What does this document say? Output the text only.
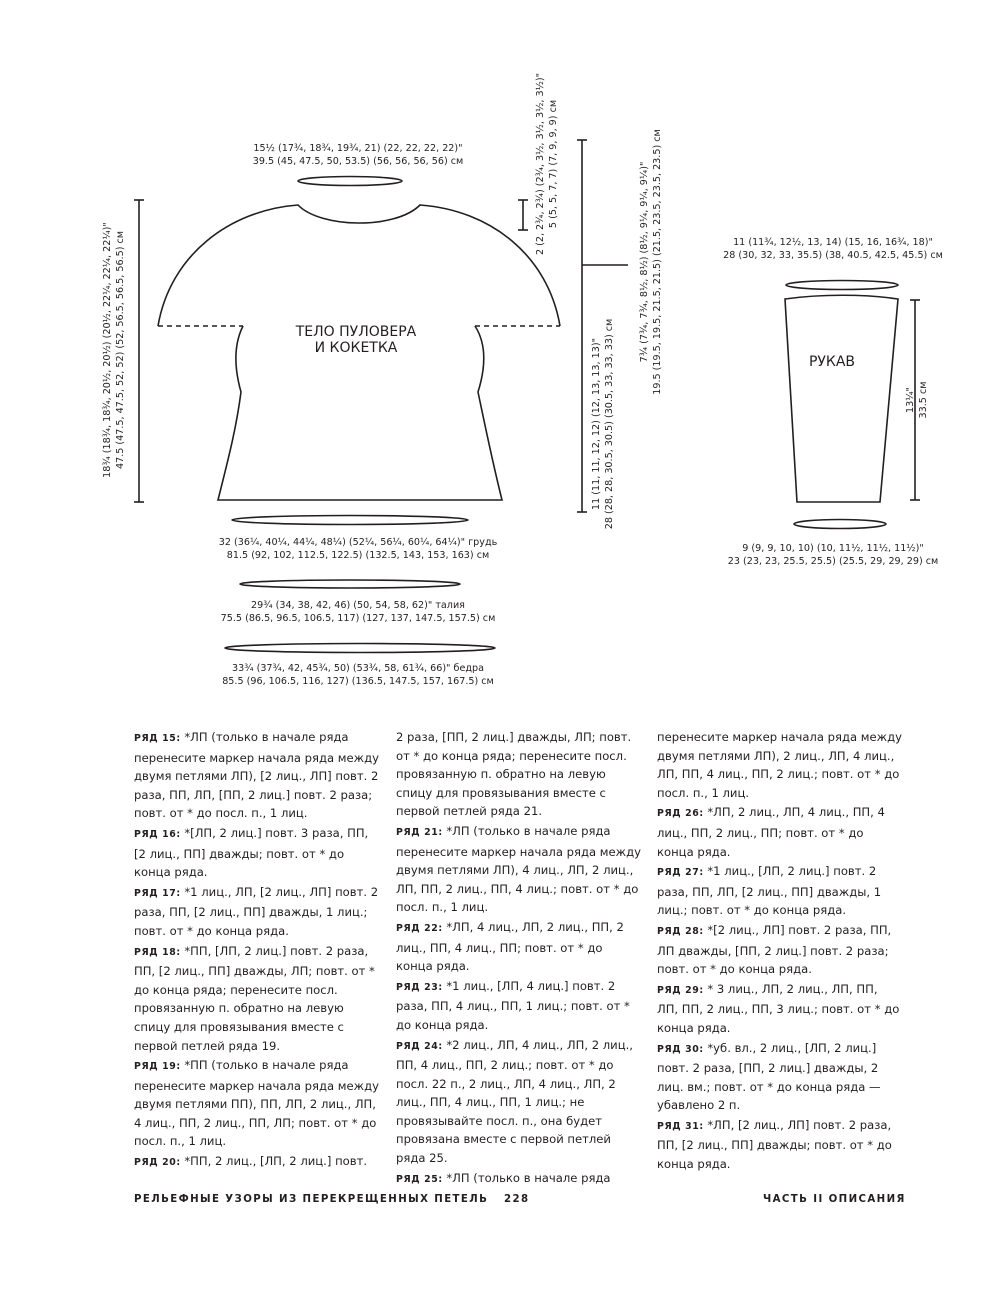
15½ (17¾, 18¾, 19¾, 21) (22, 22, 22, 22)"
39.5 (45, 47.5, 50, 53.5) (56, 56, 56, 56) см
ТЕЛО ПУЛОВЕРА
И КОКЕТКА
32 (36¼, 40¼, 44¼, 48¼) (52¼, 56¼, 60¼, 64¼)" грудь
81.5 (92, 102, 112.5, 122.5) (132.5, 143, 153, 163) см
29¾ (34, 38, 42, 46) (50, 54, 58, 62)" талия
75.5 (86.5, 96.5, 106.5, 117) (127, 137, 147.5, 157.5) см
33¾ (37¾, 42, 45¾, 50) (53¾, 58, 61¾, 66)" бедра
85.5 (96, 106.5, 116, 127) (136.5, 147.5, 157, 167.5) см
11 (11¾, 12½, 13, 14) (15, 16, 16¾, 18)"
28 (30, 32, 33, 35.5) (38, 40.5, 42.5, 45.5) см
РУКАВ
9 (9, 9, 10, 10) (10, 11½, 11½, 11½)"
23 (23, 23, 25.5, 25.5) (25.5, 29, 29, 29) см
18¾ (18¾, 18¾, 20½, 20½) (20½, 22¼, 22¼, 22¼)" 47.5 (47.5, 47.5, 52, 52) (52, 56.5, 56.5, 56.5) см
2 (2, 2¾, 2¾) (2¾, 3½, 3½, 3½, 3½)" 5 (5, 5, 7, 7) (7, 9, 9, 9) см
11 (11, 11, 12, 12) (12, 13, 13, 13)" 28 (28, 28, 30.5, 30.5) (30.5, 33, 33, 33) см
7¾ (7¾, 7¾, 8½, 8½) (8½, 9¼, 9¼, 9¼)" 19.5 (19.5, 19.5, 21.5, 21.5) (21.5, 23.5, 23.5, 23.5) см
13¼" 33.5 см

РЯД 15: *ЛП (только в начале ряда перенесите маркер начала ряда между двумя петлями ЛП), [2 лиц., ЛП] повт. 2 раза, ПП, ЛП, [ПП, 2 лиц.] повт. 2 раза; повт. от * до посл. п., 1 лиц.

РЯД 16: *[ЛП, 2 лиц.] повт. 3 раза, ПП, [2 лиц., ПП] дважды; повт. от * до конца ряда.

РЯД 17: *1 лиц., ЛП, [2 лиц., ЛП] повт. 2 раза, ПП, [2 лиц., ПП] дважды, 1 лиц.; повт. от * до конца ряда.

РЯД 18: *ПП, [ЛП, 2 лиц.] повт. 2 раза, ПП, [2 лиц., ПП] дважды, ЛП; повт. от * до конца ряда; перенесите посл. провязанную п. обратно на левую спицу для провязывания вместе с первой петлей ряда 19.

РЯД 19: *ПП (только в начале ряда перенесите маркер начала ряда между двумя петлями ПП), ПП, ЛП, 2 лиц., ЛП, 4 лиц., ПП, 2 лиц., ПП, ЛП; повт. от * до посл. п., 1 лиц.

РЯД 20: *ПП, 2 лиц., [ЛП, 2 лиц.] повт.

2 раза, [ПП, 2 лиц.] дважды, ЛП; повт. от * до конца ряда; перенесите посл. провязанную п. обратно на левую спицу для провязывания вместе с первой петлей ряда 21.

РЯД 21: *ЛП (только в начале ряда перенесите маркер начала ряда между двумя петлями ЛП), 4 лиц., ЛП, 2 лиц., ЛП, ПП, 2 лиц., ПП, 4 лиц.; повт. от * до посл. п., 1 лиц.

РЯД 22: *ЛП, 4 лиц., ЛП, 2 лиц., ПП, 2 лиц., ПП, 4 лиц., ПП; повт. от * до конца ряда.

РЯД 23: *1 лиц., [ЛП, 4 лиц.] повт. 2 раза, ПП, 4 лиц., ПП, 1 лиц.; повт. от * до конца ряда.

РЯД 24: *2 лиц., ЛП, 4 лиц., ЛП, 2 лиц., ПП, 4 лиц., ПП, 2 лиц.; повт. от * до посл. 22 п., 2 лиц., ЛП, 4 лиц., ЛП, 2 лиц., ПП, 4 лиц., ПП, 1 лиц.; не провязывайте посл. п., она будет провязана вместе с первой петлей ряда 25.

РЯД 25: *ЛП (только в начале ряда

перенесите маркер начала ряда между двумя петлями ЛП), 2 лиц., ЛП, 4 лиц., ЛП, ПП, 4 лиц., ПП, 2 лиц.; повт. от * до посл. п., 1 лиц.

РЯД 26: *ЛП, 2 лиц., ЛП, 4 лиц., ПП, 4 лиц., ПП, 2 лиц., ПП; повт. от * до конца ряда.

РЯД 27: *1 лиц., [ЛП, 2 лиц.] повт. 2 раза, ПП, ЛП, [2 лиц., ПП] дважды, 1 лиц.; повт. от * до конца ряда.

РЯД 28: *[2 лиц., ЛП] повт. 2 раза, ПП, ЛП дважды, [ПП, 2 лиц.] повт. 2 раза; повт. от * до конца ряда.

РЯД 29: * 3 лиц., ЛП, 2 лиц., ЛП, ПП, ЛП, ПП, 2 лиц., ПП, 3 лиц.; повт. от * до конца ряда.

РЯД 30: *уб. вл., 2 лиц., [ЛП, 2 лиц.] повт. 2 раза, [ПП, 2 лиц.] дважды, 2 лиц. вм.; повт. от * до конца ряда — убавлено 2 п.

РЯД 31: *ЛП, [2 лиц., ЛП] повт. 2 раза, ПП, [2 лиц., ПП] дважды; повт. от * до конца ряда.

РЕЛЬЕФНЫЕ УЗОРЫ ИЗ ПЕРЕКРЕЩЕННЫХ ПЕТЕЛЬ 228	ЧАСТЬ II ОПИСАНИЯ
